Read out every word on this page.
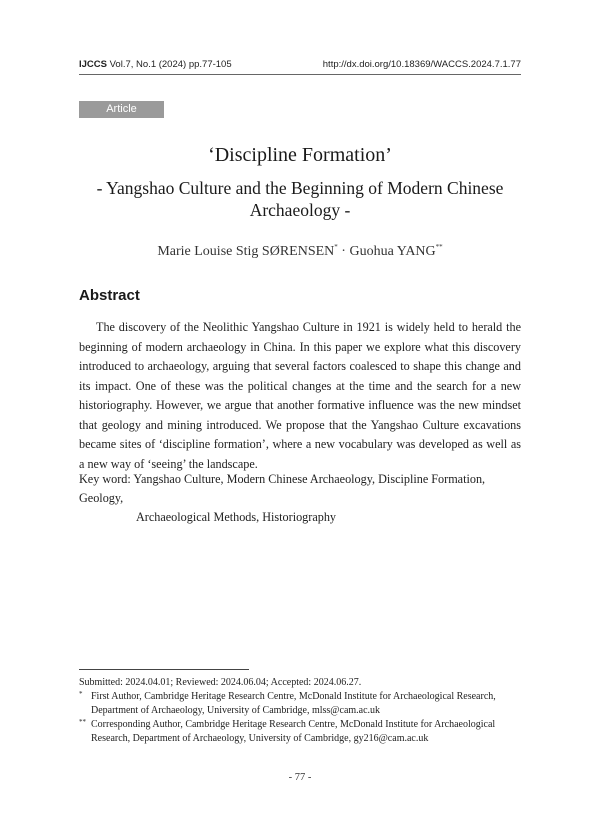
IJCCS Vol.7, No.1 (2024) pp.77-105	http://dx.doi.org/10.18369/WACCS.2024.7.1.77
Article
‘Discipline Formation’
- Yangshao Culture and the Beginning of Modern Chinese Archaeology -
Marie Louise Stig SØRENSEN* · Guohua YANG**
Abstract
The discovery of the Neolithic Yangshao Culture in 1921 is widely held to herald the beginning of modern archaeology in China. In this paper we explore what this discovery introduced to archaeology, arguing that several factors coalesced to shape this change and its impact. One of these was the political changes at the time and the search for a new historiography. However, we argue that another formative influence was the new mindset that geology and mining introduced. We propose that the Yangshao Culture excavations became sites of ‘discipline formation’, where a new vocabulary was developed as well as a new way of ‘seeing’ the landscape.
Key word: Yangshao Culture, Modern Chinese Archaeology, Discipline Formation, Geology,
Archaeological Methods, Historiography
Submitted: 2024.04.01; Reviewed: 2024.06.04; Accepted: 2024.06.27.
* First Author, Cambridge Heritage Research Centre, McDonald Institute for Archaeological Research, Department of Archaeology, University of Cambridge, mlss@cam.ac.uk
** Corresponding Author, Cambridge Heritage Research Centre, McDonald Institute for Archaeological Research, Department of Archaeology, University of Cambridge, gy216@cam.ac.uk
- 77 -
